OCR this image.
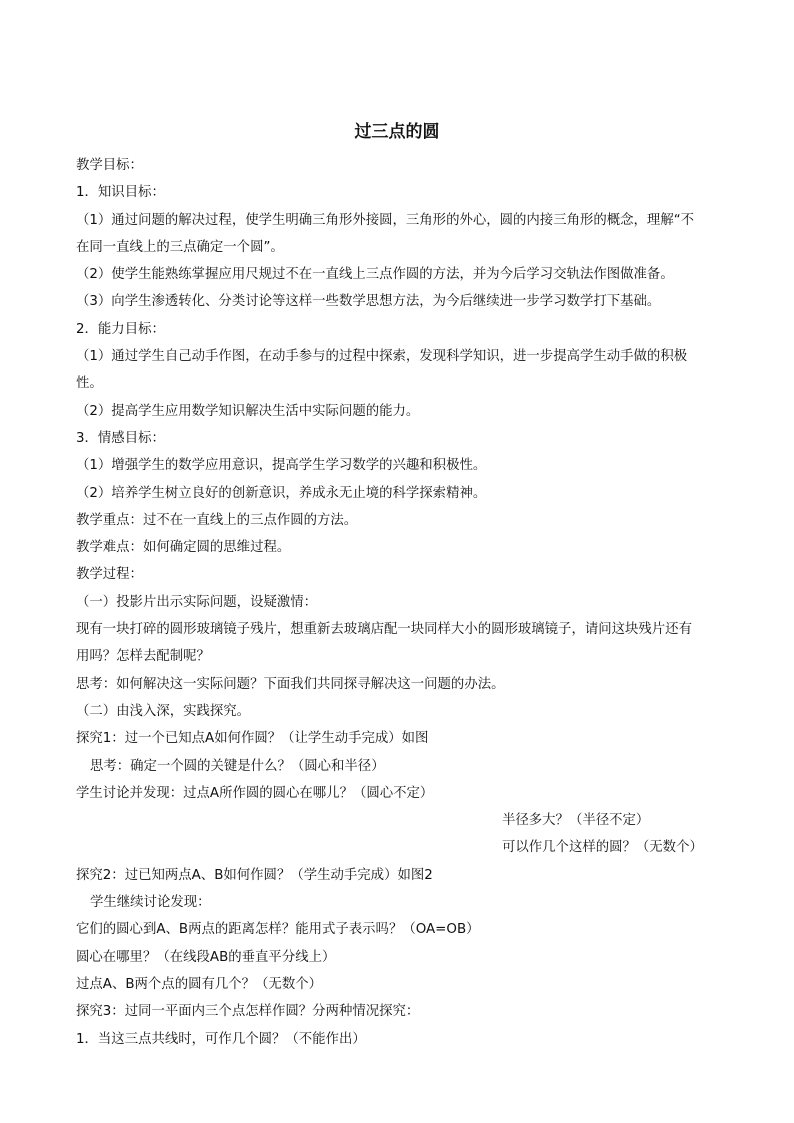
过三点的圆
教学目标：
1．知识目标：
（1）通过问题的解决过程，使学生明确三角形外接圆，三角形的外心，圆的内接三角形的概念，理解“不
在同一直线上的三点确定一个圆”。
（2）使学生能熟练掌握应用尺规过不在一直线上三点作圆的方法，并为今后学习交轨法作图做准备。
（3）向学生渗透转化、分类讨论等这样一些数学思想方法，为今后继续进一步学习数学打下基础。
2．能力目标：
（1）通过学生自己动手作图，在动手参与的过程中探索，发现科学知识，进一步提高学生动手做的积极
性。
（2）提高学生应用数学知识解决生活中实际问题的能力。
3．情感目标：
（1）增强学生的数学应用意识，提高学生学习数学的兴趣和积极性。
（2）培养学生树立良好的创新意识，养成永无止境的科学探索精神。
教学重点：过不在一直线上的三点作圆的方法。
教学难点：如何确定圆的思维过程。
教学过程：
（一）投影片出示实际问题，设疑激情：
现有一块打碎的圆形玻璃镜子残片，想重新去玻璃店配一块同样大小的圆形玻璃镜子，请问这块残片还有
用吗？怎样去配制呢？
思考：如何解决这一实际问题？下面我们共同探寻解决这一问题的办法。
（二）由浅入深，实践探究。
探究1：过一个已知点A如何作圆？（让学生动手完成）如图
思考：确定一个圆的关键是什么？（圆心和半径）
学生讨论并发现：过点A所作圆的圆心在哪儿？（圆心不定）
半径多大？（半径不定）
可以作几个这样的圆？（无数个）
探究2：过已知两点A、B如何作圆？（学生动手完成）如图2
学生继续讨论发现：
它们的圆心到A、B两点的距离怎样？能用式子表示吗？（OA=OB）
圆心在哪里？（在线段AB的垂直平分线上）
过点A、B两个点的圆有几个？（无数个）
探究3：过同一平面内三个点怎样作圆？分两种情况探究：
1．当这三点共线时，可作几个圆？（不能作出）
